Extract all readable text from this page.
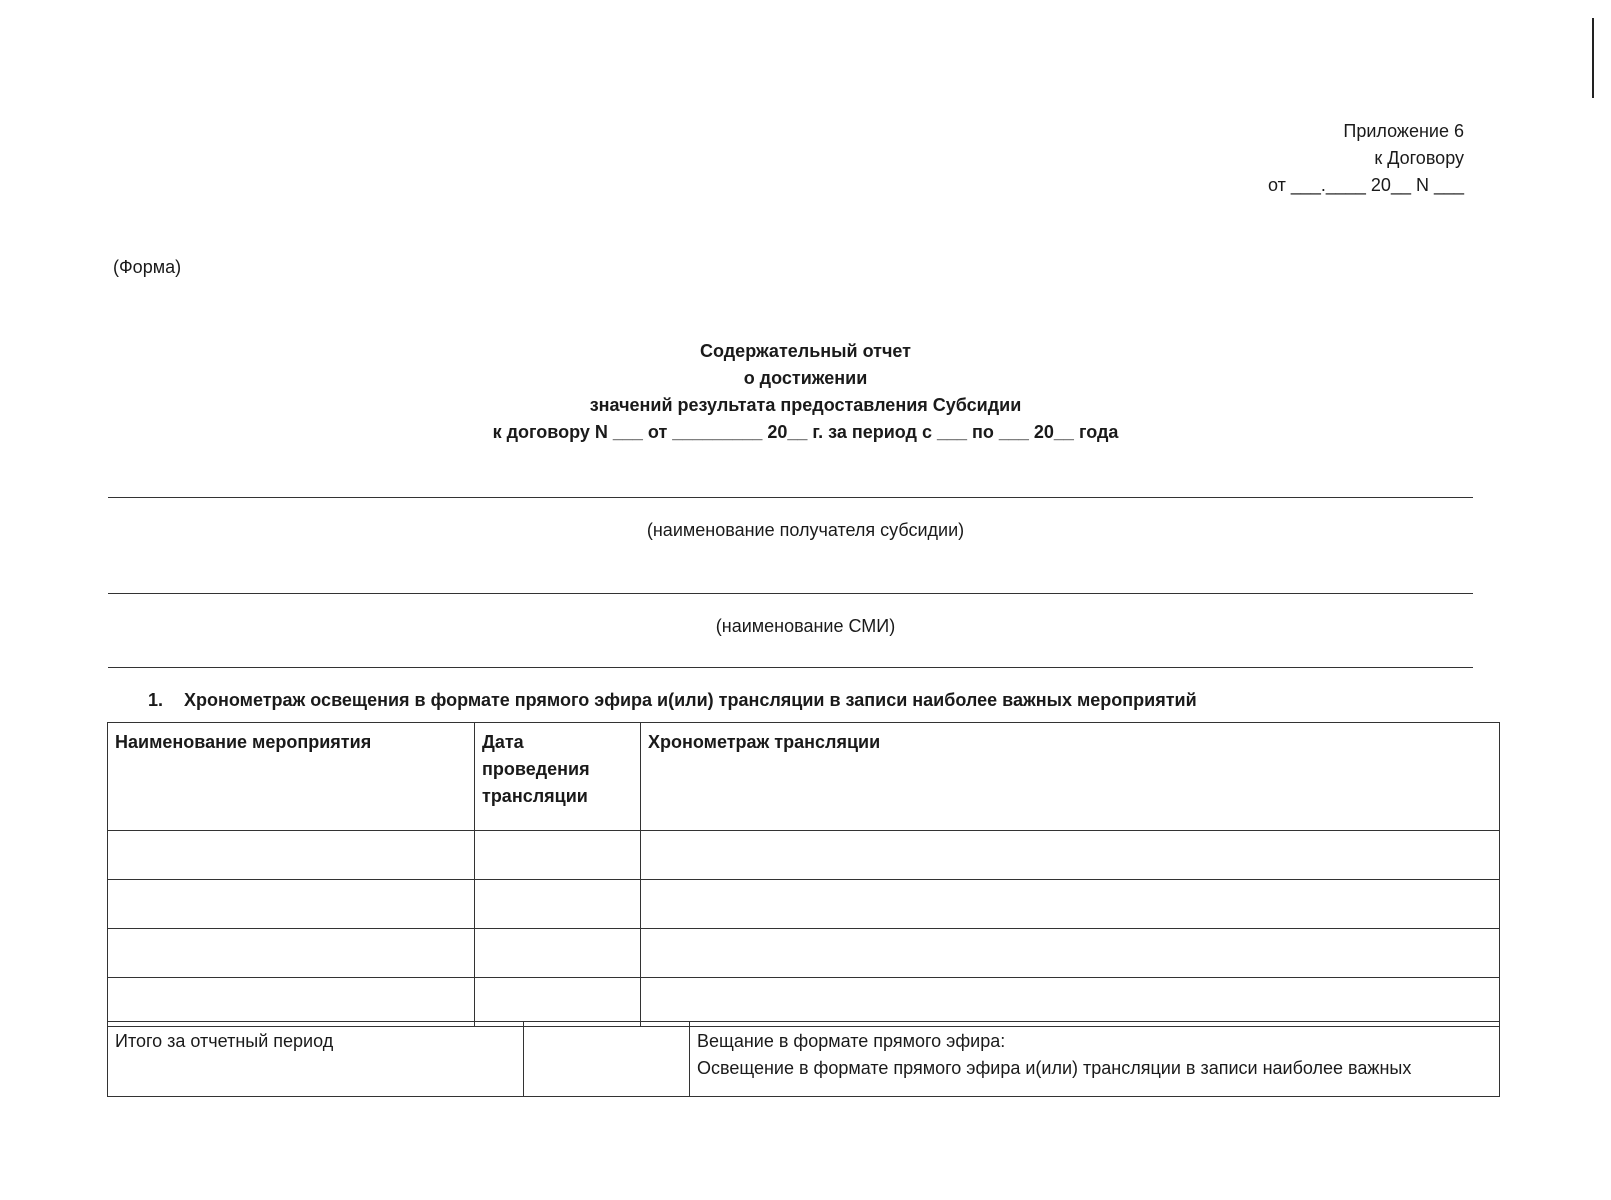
Приложение 6
к Договору
от ___.____ 20__ N ___
(Форма)
Содержательный отчет
о достижении
значений результата предоставления Субсидии
к договору N ___ от _________ 20__ г. за период с ___ по ___ 20__ года
(наименование получателя субсидии)
(наименование СМИ)
1. Хронометраж освещения в формате прямого эфира и(или) трансляции в записи наиболее важных мероприятий
Наименование мероприятия	Дата проведения трансляции	Хронометраж трансляции

Итого за отчетный период		Вещание в формате прямого эфира:
Освещение в формате прямого эфира и(или) трансляции в записи наиболее важных
